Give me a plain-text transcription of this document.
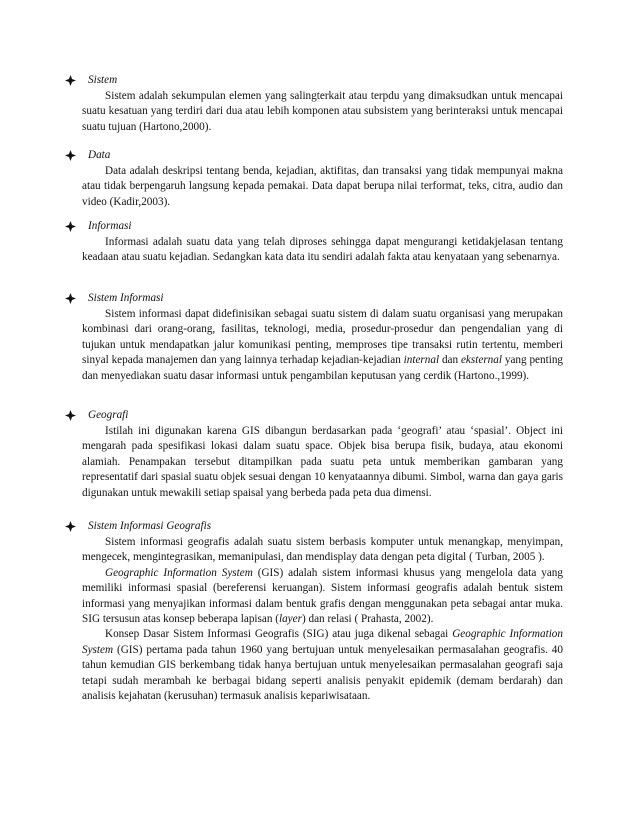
Sistem

Sistem adalah sekumpulan elemen yang salingterkait atau terpdu yang dimaksudkan untuk mencapai suatu kesatuan yang terdiri dari dua atau lebih komponen atau subsistem yang berinteraksi untuk mencapai suatu tujuan (Hartono,2000).

Data

Data adalah deskripsi tentang benda, kejadian, aktifitas, dan transaksi yang tidak mempunyai makna atau tidak berpengaruh langsung kepada pemakai. Data dapat berupa nilai terformat, teks, citra, audio dan video (Kadir,2003).

Informasi

Informasi adalah suatu data yang telah diproses sehingga dapat mengurangi ketidakjelasan tentang keadaan atau suatu kejadian. Sedangkan kata data itu sendiri adalah fakta atau kenyataan yang sebenarnya.

Sistem Informasi

Sistem informasi dapat didefinisikan sebagai suatu sistem di dalam suatu organisasi yang merupakan kombinasi dari orang-orang, fasilitas, teknologi, media, prosedur-prosedur dan pengendalian yang di tujukan untuk mendapatkan jalur komunikasi penting, memproses tipe transaksi rutin tertentu, memberi sinyal kepada manajemen dan yang lainnya terhadap kejadian-kejadian internal dan eksternal yang penting dan menyediakan suatu dasar informasi untuk pengambilan keputusan yang cerdik (Hartono.,1999).

Geografi

Istilah ini digunakan karena GIS dibangun berdasarkan pada ‘geografi’ atau ‘spasial’. Object ini mengarah pada spesifikasi lokasi dalam suatu space. Objek bisa berupa fisik, budaya, atau ekonomi alamiah. Penampakan tersebut ditampilkan pada suatu peta untuk memberikan gambaran yang representatif dari spasial suatu objek sesuai dengan 10 kenyataannya dibumi. Simbol, warna dan gaya garis digunakan untuk mewakili setiap spaisal yang berbeda pada peta dua dimensi.

Sistem Informasi Geografis

Sistem informasi geografis adalah suatu sistem berbasis komputer untuk menangkap, menyimpan, mengecek, mengintegrasikan, memanipulasi, dan mendisplay data dengan peta digital ( Turban, 2005 ).

Geographic Information System (GIS) adalah sistem informasi khusus yang mengelola data yang memiliki informasi spasial (bereferensi keruangan). Sistem informasi geografis adalah bentuk sistem informasi yang menyajikan informasi dalam bentuk grafis dengan menggunakan peta sebagai antar muka. SIG tersusun atas konsep beberapa lapisan (layer) dan relasi ( Prahasta, 2002).

Konsep Dasar Sistem Informasi Geografis (SIG) atau juga dikenal sebagai Geographic Information System (GIS) pertama pada tahun 1960 yang bertujuan untuk menyelesaikan permasalahan geografis. 40 tahun kemudian GIS berkembang tidak hanya bertujuan untuk menyelesaikan permasalahan geografi saja tetapi sudah merambah ke berbagai bidang seperti analisis penyakit epidemik (demam berdarah) dan analisis kejahatan (kerusuhan) termasuk analisis kepariwisataan.
